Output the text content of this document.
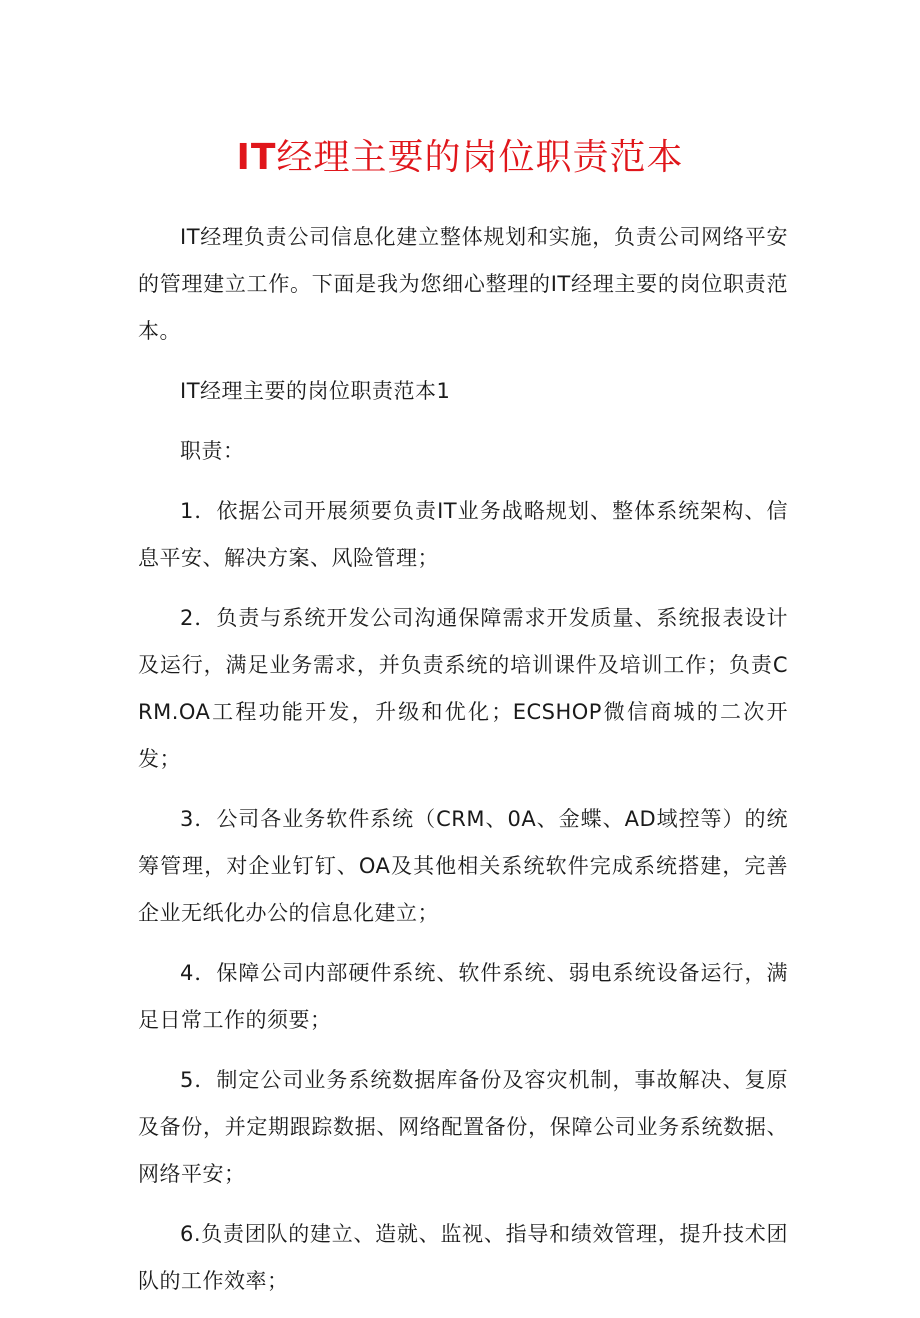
IT经理主要的岗位职责范本

IT经理负责公司信息化建立整体规划和实施，负责公司网络平安的管理建立工作。下面是我为您细心整理的IT经理主要的岗位职责范本。

IT经理主要的岗位职责范本1

职责：

1．依据公司开展须要负责IT业务战略规划、整体系统架构、信息平安、解决方案、风险管理；

2．负责与系统开发公司沟通保障需求开发质量、系统报表设计及运行，满足业务需求，并负责系统的培训课件及培训工作；负责CRM.OA工程功能开发，升级和优化；ECSHOP微信商城的二次开发；

3．公司各业务软件系统（CRM、0A、金蝶、AD域控等）的统筹管理，对企业钉钉、OA及其他相关系统软件完成系统搭建，完善企业无纸化办公的信息化建立；

4．保障公司内部硬件系统、软件系统、弱电系统设备运行，满足日常工作的须要；

5．制定公司业务系统数据库备份及容灾机制，事故解决、复原及备份，并定期跟踪数据、网络配置备份，保障公司业务系统数据、网络平安；

6.负责团队的建立、造就、监视、指导和绩效管理，提升技术团队的工作效率；
